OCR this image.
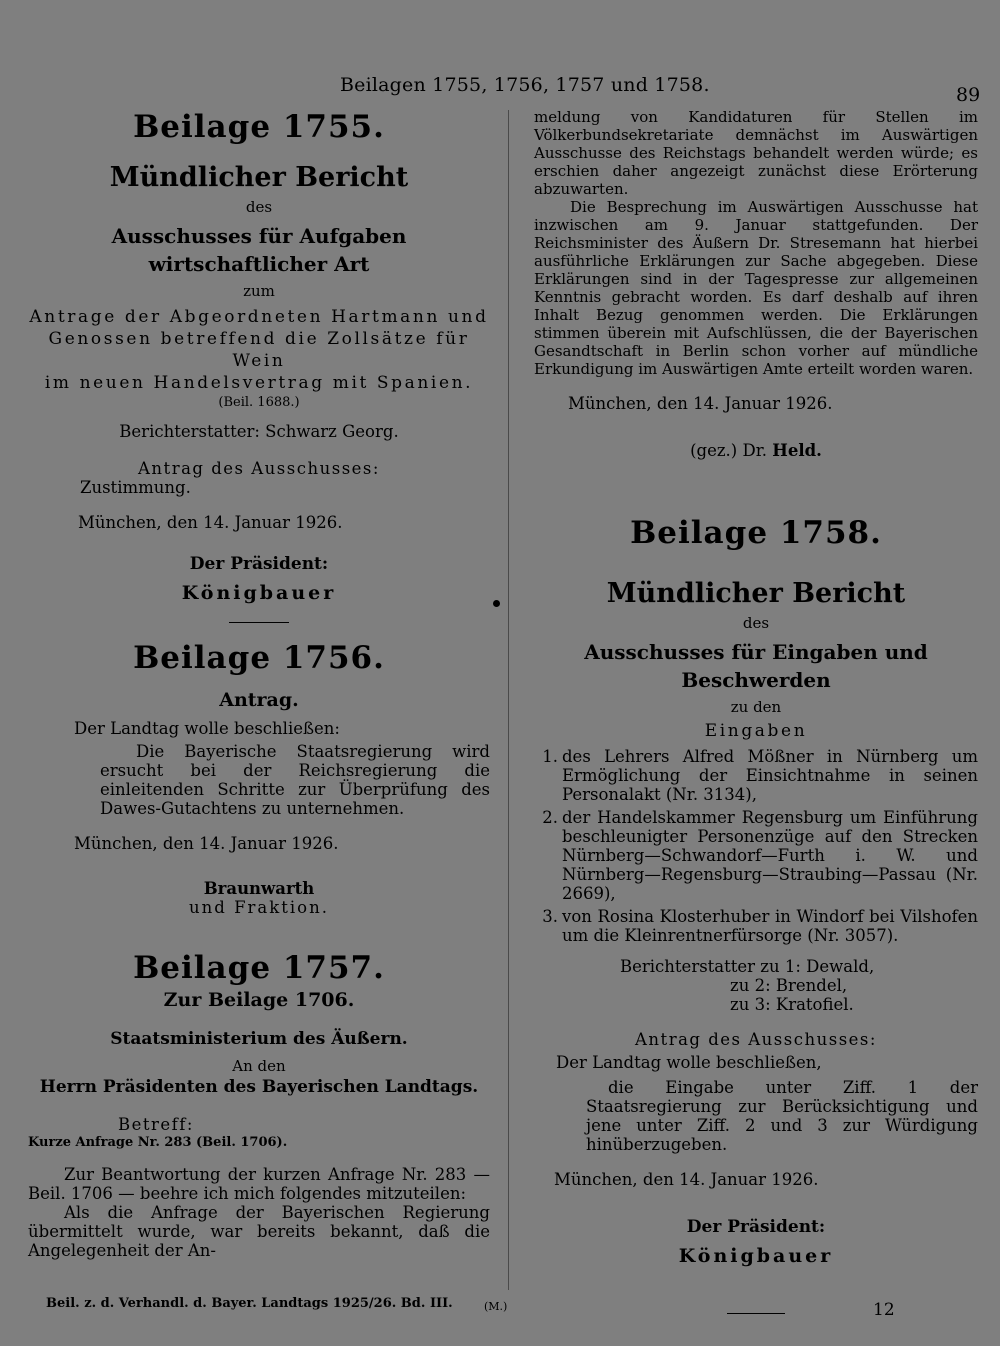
Beilagen 1755, 1756, 1757 und 1758.	89
Beilage 1755.
Mündlicher Bericht
des
Ausschusses für Aufgaben wirtschaftlicher Art
zum
Antrage der Abgeordneten Hartmann und
Genossen betreffend die Zollsätze für Wein
im neuen Handelsvertrag mit Spanien.
(Beil. 1688.)
Berichterstatter: Schwarz Georg.
Antrag des Ausschusses:
Zustimmung.
München, den 14. Januar 1926.
Der Präsident:
Königbauer
Beilage 1756.
Antrag.
Der Landtag wolle beschließen:

Die Bayerische Staatsregierung wird ersucht bei der Reichsregierung die einleitenden Schritte zur Überprüfung des Dawes-Gutachtens zu unternehmen.

München, den 14. Januar 1926.
Braunwarth
und Fraktion.
Beilage 1757.
Zur Beilage 1706.
Staatsministerium des Äußern.
An den
Herrn Präsidenten des Bayerischen Landtags.
Betreff:
Kurze Anfrage Nr. 283 (Beil. 1706).

Zur Beantwortung der kurzen Anfrage Nr. 283 — Beil. 1706 — beehre ich mich folgendes mitzuteilen:

Als die Anfrage der Bayerischen Regierung übermittelt wurde, war bereits bekannt, daß die Angelegenheit der An-

meldung von Kandidaturen für Stellen im Völkerbundsekretariate demnächst im Auswärtigen Ausschusse des Reichstags behandelt werden würde; es erschien daher angezeigt zunächst diese Erörterung abzuwarten.

Die Besprechung im Auswärtigen Ausschusse hat inzwischen am 9. Januar stattgefunden. Der Reichsminister des Äußern Dr. Stresemann hat hierbei ausführliche Erklärungen zur Sache abgegeben. Diese Erklärungen sind in der Tagespresse zur allgemeinen Kenntnis gebracht worden. Es darf deshalb auf ihren Inhalt Bezug genommen werden. Die Erklärungen stimmen überein mit Aufschlüssen, die der Bayerischen Gesandtschaft in Berlin schon vorher auf mündliche Erkundigung im Auswärtigen Amte erteilt worden waren.

München, den 14. Januar 1926.
(gez.) Dr. Held.
Beilage 1758.
Mündlicher Bericht
des
Ausschusses für Eingaben und Beschwerden
zu den
Eingaben
1. des Lehrers Alfred Mößner in Nürnberg um Ermöglichung der Einsichtnahme in seinen Personalakt (Nr. 3134),
2. der Handelskammer Regensburg um Einführung beschleunigter Personenzüge auf den Strecken Nürnberg—Schwandorf—Furth i. W. und Nürnberg—Regensburg—Straubing—Passau (Nr. 2669),
3. von Rosina Klosterhuber in Windorf bei Vilshofen um die Kleinrentnerfürsorge (Nr. 3057).
Berichterstatter zu 1: Dewald,
zu 2: Brendel,
zu 3: Kratofiel.
Antrag des Ausschusses:
Der Landtag wolle beschließen,

die Eingabe unter Ziff. 1 der Staatsregierung zur Berücksichtigung und jene unter Ziff. 2 und 3 zur Würdigung hinüberzugeben.

München, den 14. Januar 1926.
Der Präsident:
Königbauer
Beil. z. d. Verhandl. d. Bayer. Landtags 1925/26. Bd. III.	(M.)	12
